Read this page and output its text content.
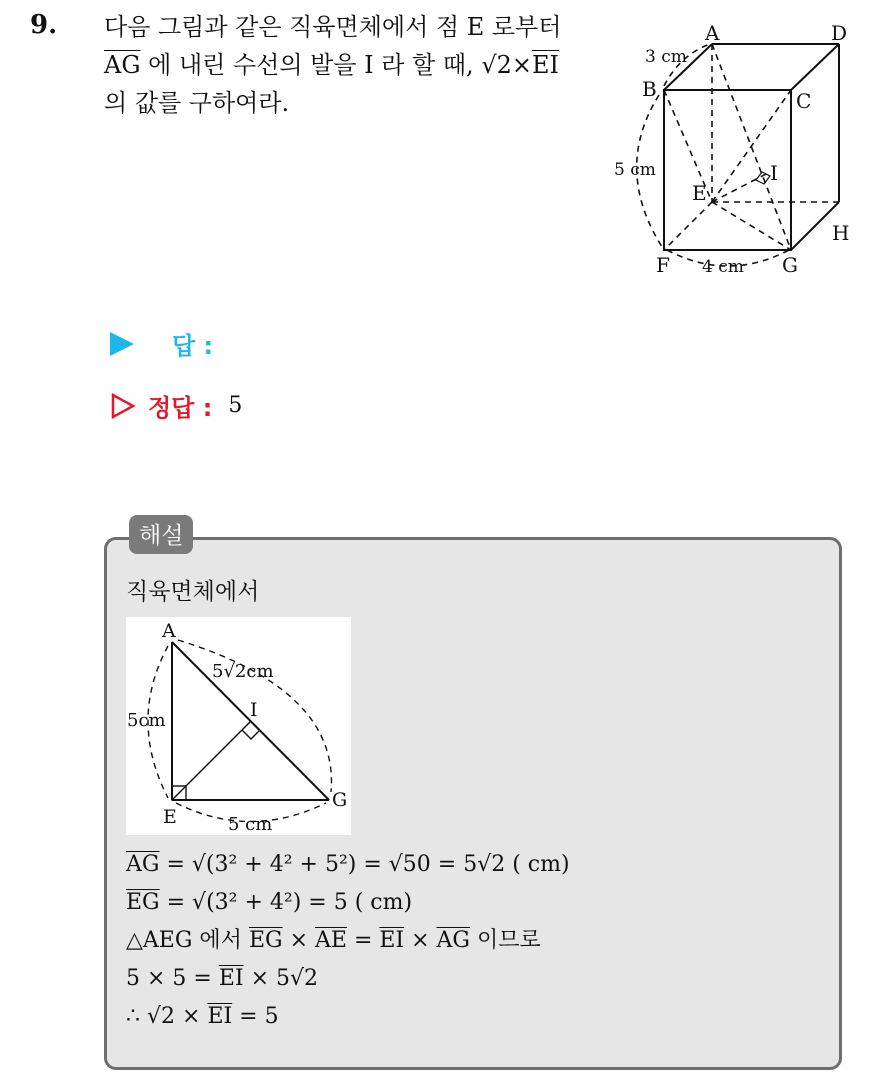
9. 다음 그림과 같은 직육면체에서 점 E 로부터
$\overline{AG}$ 에 내린 수선의 발을 I 라 할 때, $√2\times\overline{EI}$
의 값를 구하여라.
A
B	C
D
E
F	G
H
I
3 cm
5 cm
4 cm
답 :
정답 : 5
해설
직육면체에서
A
I
E
G
5√2cm
5cm
5 cm
$\overline{AG} = √(3^2 + 4^2 + 5^2) = √50 = 5√2$ ( cm)
$\overline{EG} = √(3^2 + 4^2) = 5$ ( cm)
△AEG 에서 $\overline{EG} \times \overline{AE} = \overline{EI} \times \overline{AG}$ 이므로
$5 \times 5 = \overline{EI} \times 5√2$
∴ $√2 \times \overline{EI} = 5$
